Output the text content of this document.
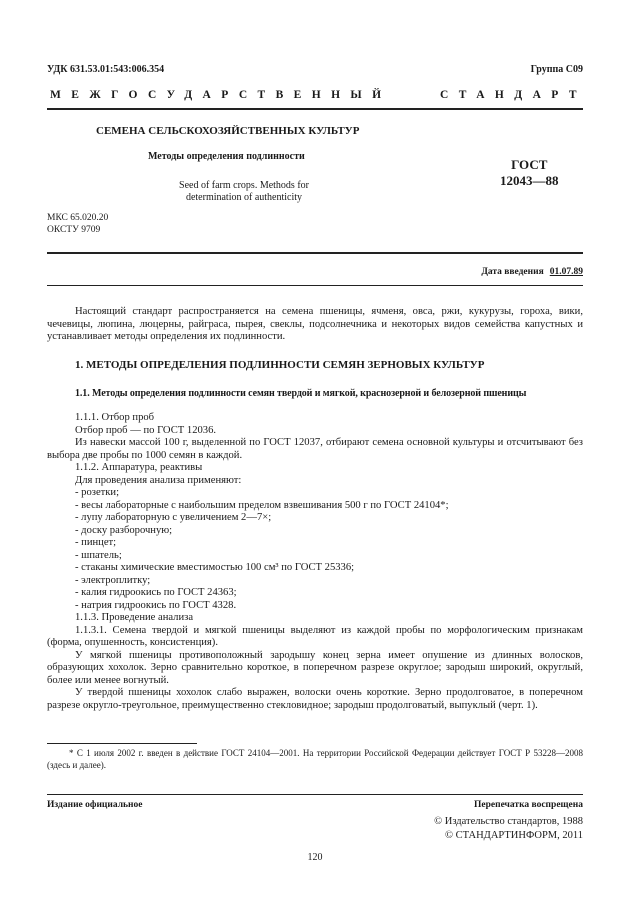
УДК 631.53.01:543:006.354	Группа С09
МЕЖГОСУДАРСТВЕННЫЙ	СТАНДАРТ
СЕМЕНА СЕЛЬСКОХОЗЯЙСТВЕННЫХ КУЛЬТУР
Методы определения подлинности
Seed of farm crops. Methods for determination of authenticity
ГОСТ
12043—88
МКС 65.020.20
ОКСТУ 9709
Дата введения 01.07.89
Настоящий стандарт распространяется на семена пшеницы, ячменя, овса, ржи, кукурузы, гороха, вики, чечевицы, люпина, люцерны, райграса, пырея, свеклы, подсолнечника и некоторых видов семейства капустных и устанавливает методы определения их подлинности.
1. МЕТОДЫ ОПРЕДЕЛЕНИЯ ПОДЛИННОСТИ СЕМЯН ЗЕРНОВЫХ КУЛЬТУР
1.1. Методы определения подлинности семян твердой и мягкой, краснозерной и белозерной пшеницы

1.1.1. Отбор проб

Отбор проб — по ГОСТ 12036.

Из навески массой 100 г, выделенной по ГОСТ 12037, отбирают семена основной культуры и отсчитывают без выбора две пробы по 1000 семян в каждой.

1.1.2. Аппаратура, реактивы

Для проведения анализа применяют:

- розетки;

- весы лабораторные с наибольшим пределом взвешивания 500 г по ГОСТ 24104*;

- лупу лабораторную с увеличением 2—7×;

- доску разборочную;

- пинцет;

- шпатель;

- стаканы химические вместимостью 100 см³ по ГОСТ 25336;

- электроплитку;

- калия гидроокись по ГОСТ 24363;

- натрия гидроокись по ГОСТ 4328.

1.1.3. Проведение анализа

1.1.3.1. Семена твердой и мягкой пшеницы выделяют из каждой пробы по морфологическим признакам (форма, опушенность, консистенция).

У мягкой пшеницы противоположный зародышу конец зерна имеет опушение из длинных волосков, образующих хохолок. Зерно сравнительно короткое, в поперечном разрезе округлое; зародыш широкий, округлый, более или менее вогнутый.

У твердой пшеницы хохолок слабо выражен, волоски очень короткие. Зерно продолговатое, в поперечном разрезе округло-треугольное, преимущественно стекловидное; зародыш продолговатый, выпуклый (черт. 1).

* С 1 июля 2002 г. введен в действие ГОСТ 24104—2001. На территории Российской Федерации действует ГОСТ Р 53228—2008 (здесь и далее).
Издание официальное	Перепечатка воспрещена
© Издательство стандартов, 1988
© СТАНДАРТИНФОРМ, 2011
120
